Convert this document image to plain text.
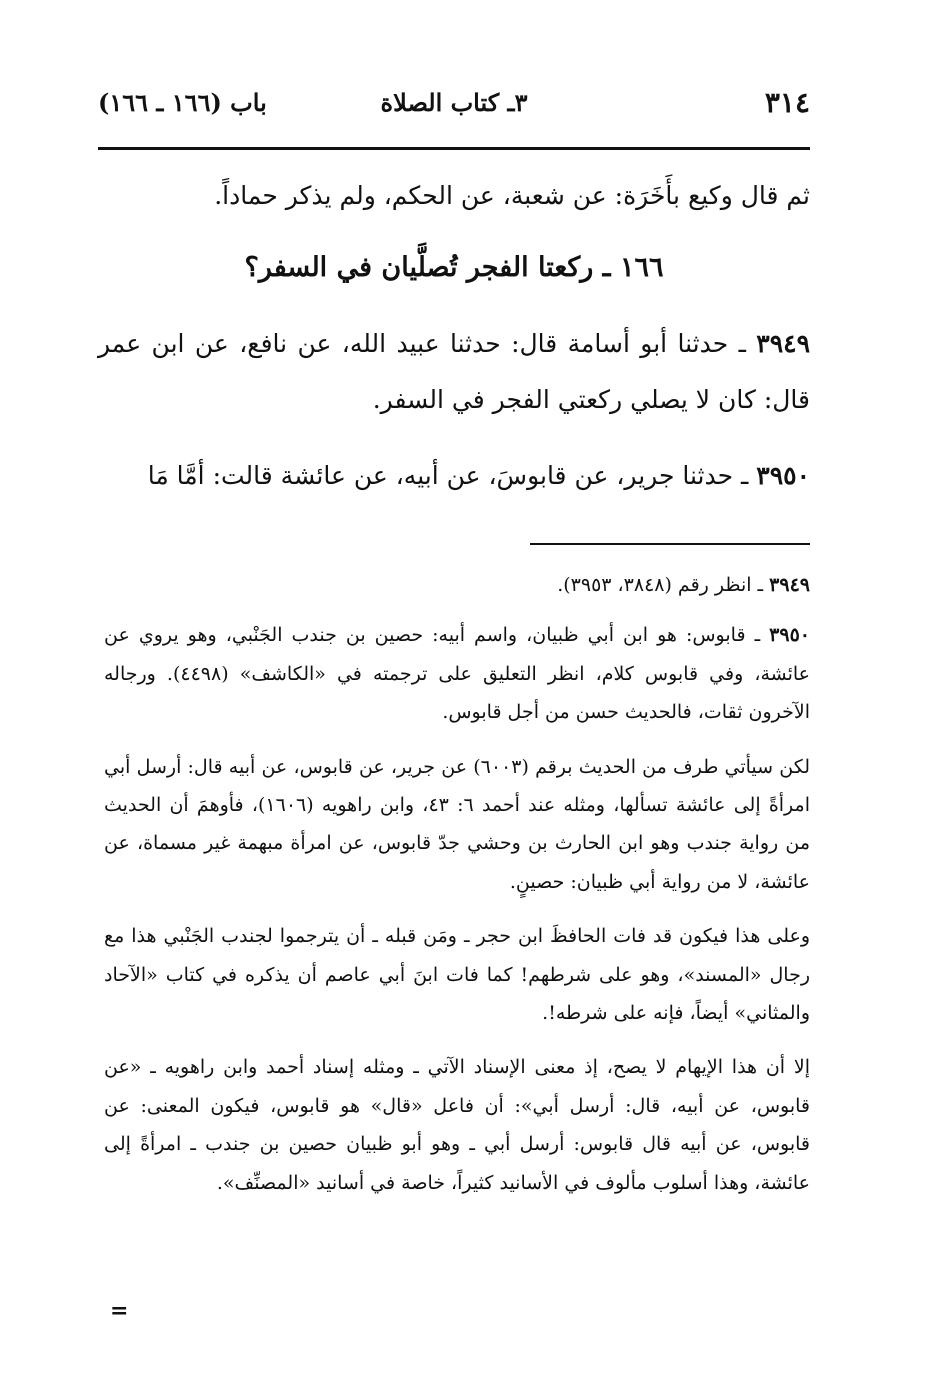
٣١٤
٣ـ كتاب الصلاة
باب (١٦٦ ـ ١٦٦)

ثم قال وكيع بأَخَرَة: عن شعبة، عن الحكم، ولم يذكر حماداً.

١٦٦ ـ ركعتا الفجر تُصلَّيان في السفر؟

٣٩٤٩ ـ حدثنا أبو أسامة قال: حدثنا عبيد الله، عن نافع، عن ابن عمر قال: كان لا يصلي ركعتي الفجر في السفر.

٣٩٥٠ ـ حدثنا جرير، عن قابوسَ، عن أبيه، عن عائشة قالت: أمَّا مَا

٣٩٤٩ ـ انظر رقم (٣٨٤٨، ٣٩٥٣).

٣٩٥٠ ـ قابوس: هو ابن أبي ظبيان، واسم أبيه: حصين بن جندب الجَنْبي، وهو يروي عن عائشة، وفي قابوس كلام، انظر التعليق على ترجمته في «الكاشف» (٤٤٩٨). ورجاله الآخرون ثقات، فالحديث حسن من أجل قابوس.

لكن سيأتي طرف من الحديث برقم (٦٠٠٣) عن جرير، عن قابوس، عن أبيه قال: أرسل أبي امرأةً إلى عائشة تسألها، ومثله عند أحمد ٦: ٤٣، وابن راهويه (١٦٠٦)، فأوهمَ أن الحديث من رواية جندب وهو ابن الحارث بن وحشي جدّ قابوس، عن امرأة مبهمة غير مسماة، عن عائشة، لا من رواية أبي ظبيان: حصينٍ.

وعلى هذا فيكون قد فات الحافظَ ابن حجر ـ ومَن قبله ـ أن يترجموا لجندب الجَنْبي هذا مع رجال «المسند»، وهو على شرطهم! كما فات ابنَ أبي عاصم أن يذكره في كتاب «الآحاد والمثاني» أيضاً، فإنه على شرطه!.

إلا أن هذا الإيهام لا يصح، إذ معنى الإسناد الآتي ـ ومثله إسناد أحمد وابن راهويه ـ «عن قابوس، عن أبيه، قال: أرسل أبي»: أن فاعل «قال» هو قابوس، فيكون المعنى: عن قابوس، عن أبيه قال قابوس: أرسل أبي ـ وهو أبو ظبيان حصين بن جندب ـ امرأةً إلى عائشة، وهذا أسلوب مألوف في الأسانيد كثيراً، خاصة في أسانيد «المصنِّف».

=
